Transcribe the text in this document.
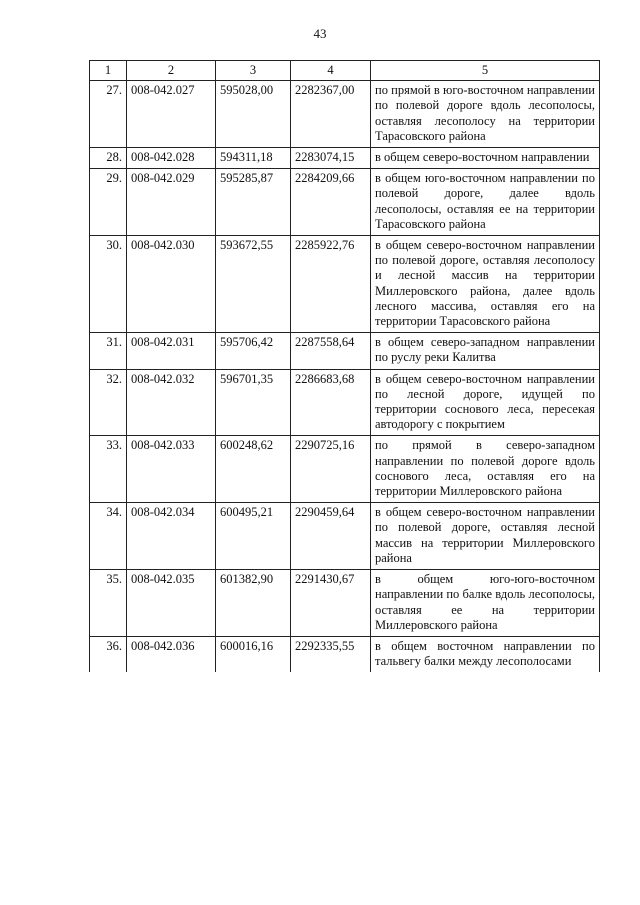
43
1	2	3	4	5
27.	008-042.027	595028,00	2282367,00	по прямой в юго-восточном направлении по полевой дороге вдоль лесополосы, оставляя лесополосу на территории Тарасовского района
28.	008-042.028	594311,18	2283074,15	в общем северо-восточном направлении
29.	008-042.029	595285,87	2284209,66	в общем юго-восточном направлении по полевой дороге, далее вдоль лесополосы, оставляя ее на территории Тарасовского района
30.	008-042.030	593672,55	2285922,76	в общем северо-восточном направлении по полевой дороге, оставляя лесополосу и лесной массив на территории Миллеровского района, далее вдоль лесного массива, оставляя его на территории Тарасовского района
31.	008-042.031	595706,42	2287558,64	в общем северо-западном направлении по руслу реки Калитва
32.	008-042.032	596701,35	2286683,68	в общем северо-восточном направлении по лесной дороге, идущей по территории соснового леса, пересекая автодорогу с покрытием
33.	008-042.033	600248,62	2290725,16	по прямой в северо-западном направлении по полевой дороге вдоль соснового леса, оставляя его на территории Миллеровского района
34.	008-042.034	600495,21	2290459,64	в общем северо-восточном направлении по полевой дороге, оставляя лесной массив на территории Миллеровского района
35.	008-042.035	601382,90	2291430,67	в общем юго-юго-восточном направлении по балке вдоль лесополосы, оставляя ее на территории Миллеровского района
36.	008-042.036	600016,16	2292335,55	в общем восточном направлении по тальвегу балки между лесополосами
